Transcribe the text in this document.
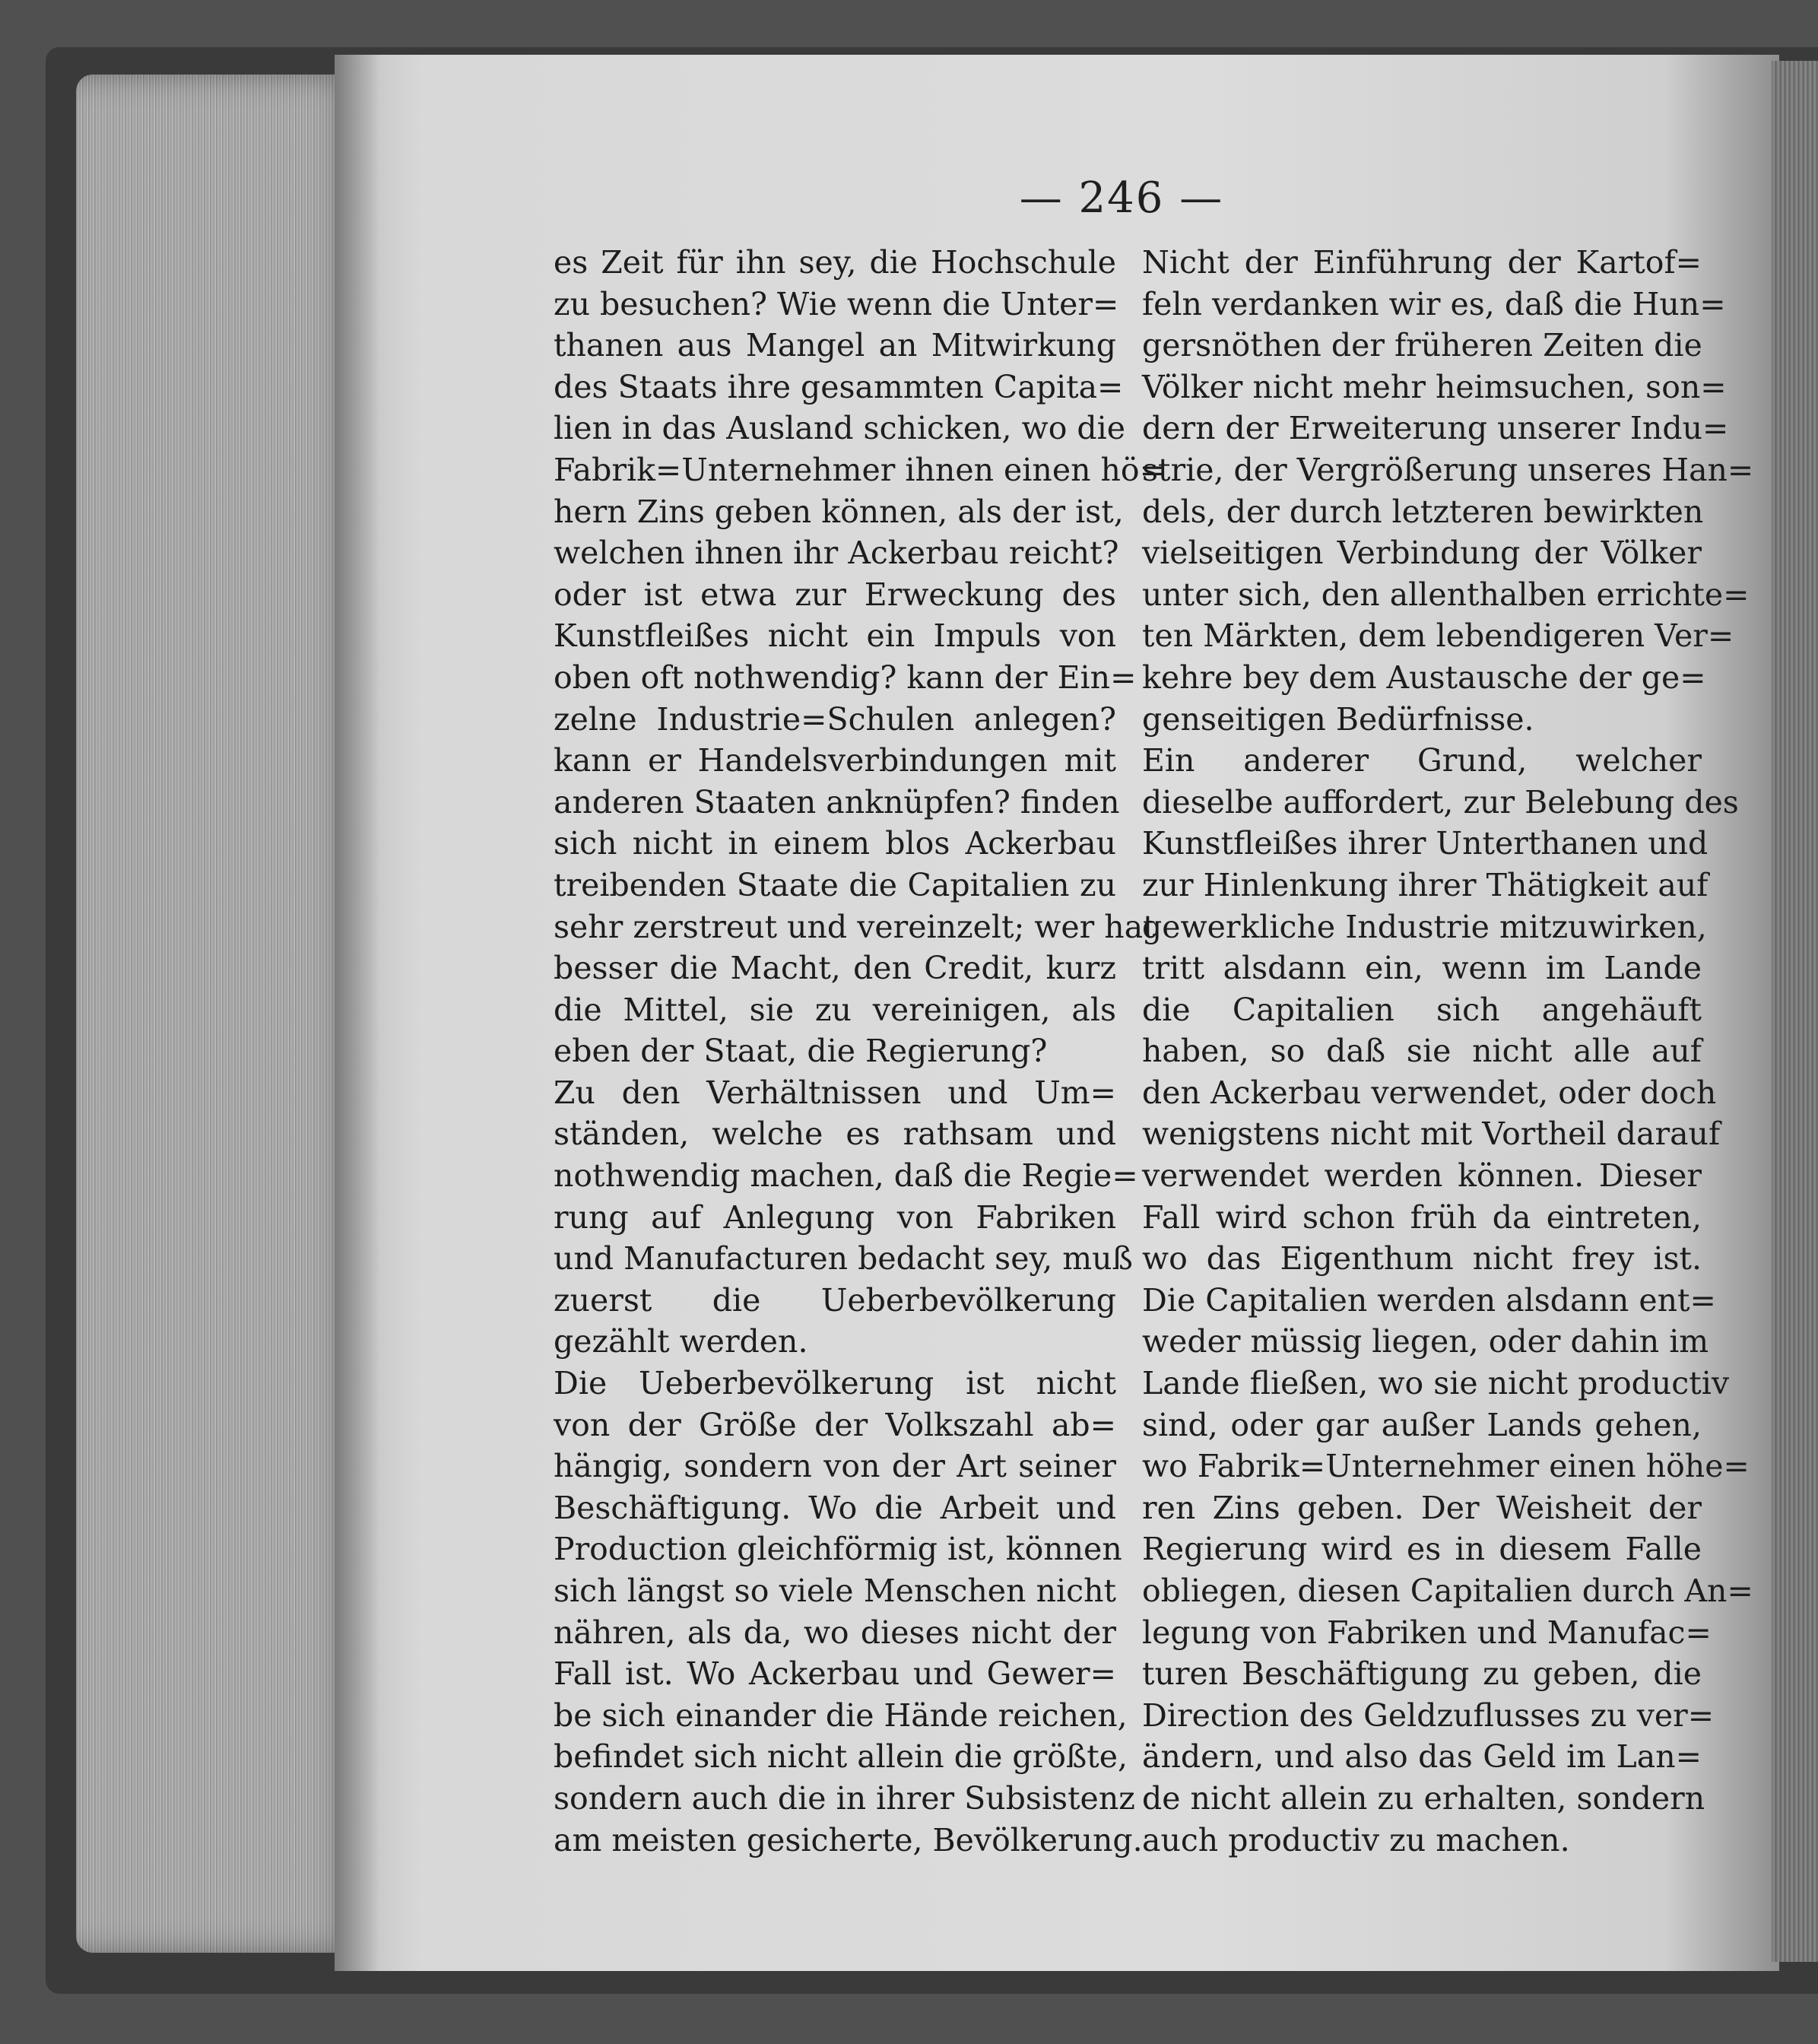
— 246 —
es Zeit für ihn sey, die Hochschule
zu besuchen? Wie wenn die Unter=
thanen aus Mangel an Mitwirkung
des Staats ihre gesammten Capita=
lien in das Ausland schicken, wo die
Fabrik=Unternehmer ihnen einen hö=
hern Zins geben können, als der ist,
welchen ihnen ihr Ackerbau reicht?
oder ist etwa zur Erweckung des
Kunstfleißes nicht ein Impuls von
oben oft nothwendig? kann der Ein=
zelne Industrie=Schulen anlegen?
kann er Handelsverbindungen mit
anderen Staaten anknüpfen? finden
sich nicht in einem blos Ackerbau
treibenden Staate die Capitalien zu
sehr zerstreut und vereinzelt; wer hat
besser die Macht, den Credit, kurz
die Mittel, sie zu vereinigen, als
eben der Staat, die Regierung?
Zu den Verhältnissen und Um=
ständen, welche es rathsam und
nothwendig machen, daß die Regie=
rung auf Anlegung von Fabriken
und Manufacturen bedacht sey, muß
zuerst die Ueberbevölkerung
gezählt werden.
Die Ueberbevölkerung ist nicht
von der Größe der Volkszahl ab=
hängig, sondern von der Art seiner
Beschäftigung. Wo die Arbeit und
Production gleichförmig ist, können
sich längst so viele Menschen nicht
nähren, als da, wo dieses nicht der
Fall ist. Wo Ackerbau und Gewer=
be sich einander die Hände reichen,
befindet sich nicht allein die größte,
sondern auch die in ihrer Subsistenz
am meisten gesicherte, Bevölkerung.
Nicht der Einführung der Kartof=
feln verdanken wir es, daß die Hun=
gersnöthen der früheren Zeiten die
Völker nicht mehr heimsuchen, son=
dern der Erweiterung unserer Indu=
strie, der Vergrößerung unseres Han=
dels, der durch letzteren bewirkten
vielseitigen Verbindung der Völker
unter sich, den allenthalben errichte=
ten Märkten, dem lebendigeren Ver=
kehre bey dem Austausche der ge=
genseitigen Bedürfnisse.
Ein anderer Grund, welcher
dieselbe auffordert, zur Belebung des
Kunstfleißes ihrer Unterthanen und
zur Hinlenkung ihrer Thätigkeit auf
gewerkliche Industrie mitzuwirken,
tritt alsdann ein, wenn im Lande
die Capitalien sich angehäuft
haben, so daß sie nicht alle auf
den Ackerbau verwendet, oder doch
wenigstens nicht mit Vortheil darauf
verwendet werden können. Dieser
Fall wird schon früh da eintreten,
wo das Eigenthum nicht frey ist.
Die Capitalien werden alsdann ent=
weder müssig liegen, oder dahin im
Lande fließen, wo sie nicht productiv
sind, oder gar außer Lands gehen,
wo Fabrik=Unternehmer einen höhe=
ren Zins geben. Der Weisheit der
Regierung wird es in diesem Falle
obliegen, diesen Capitalien durch An=
legung von Fabriken und Manufac=
turen Beschäftigung zu geben, die
Direction des Geldzuflusses zu ver=
ändern, und also das Geld im Lan=
de nicht allein zu erhalten, sondern
auch productiv zu machen.
